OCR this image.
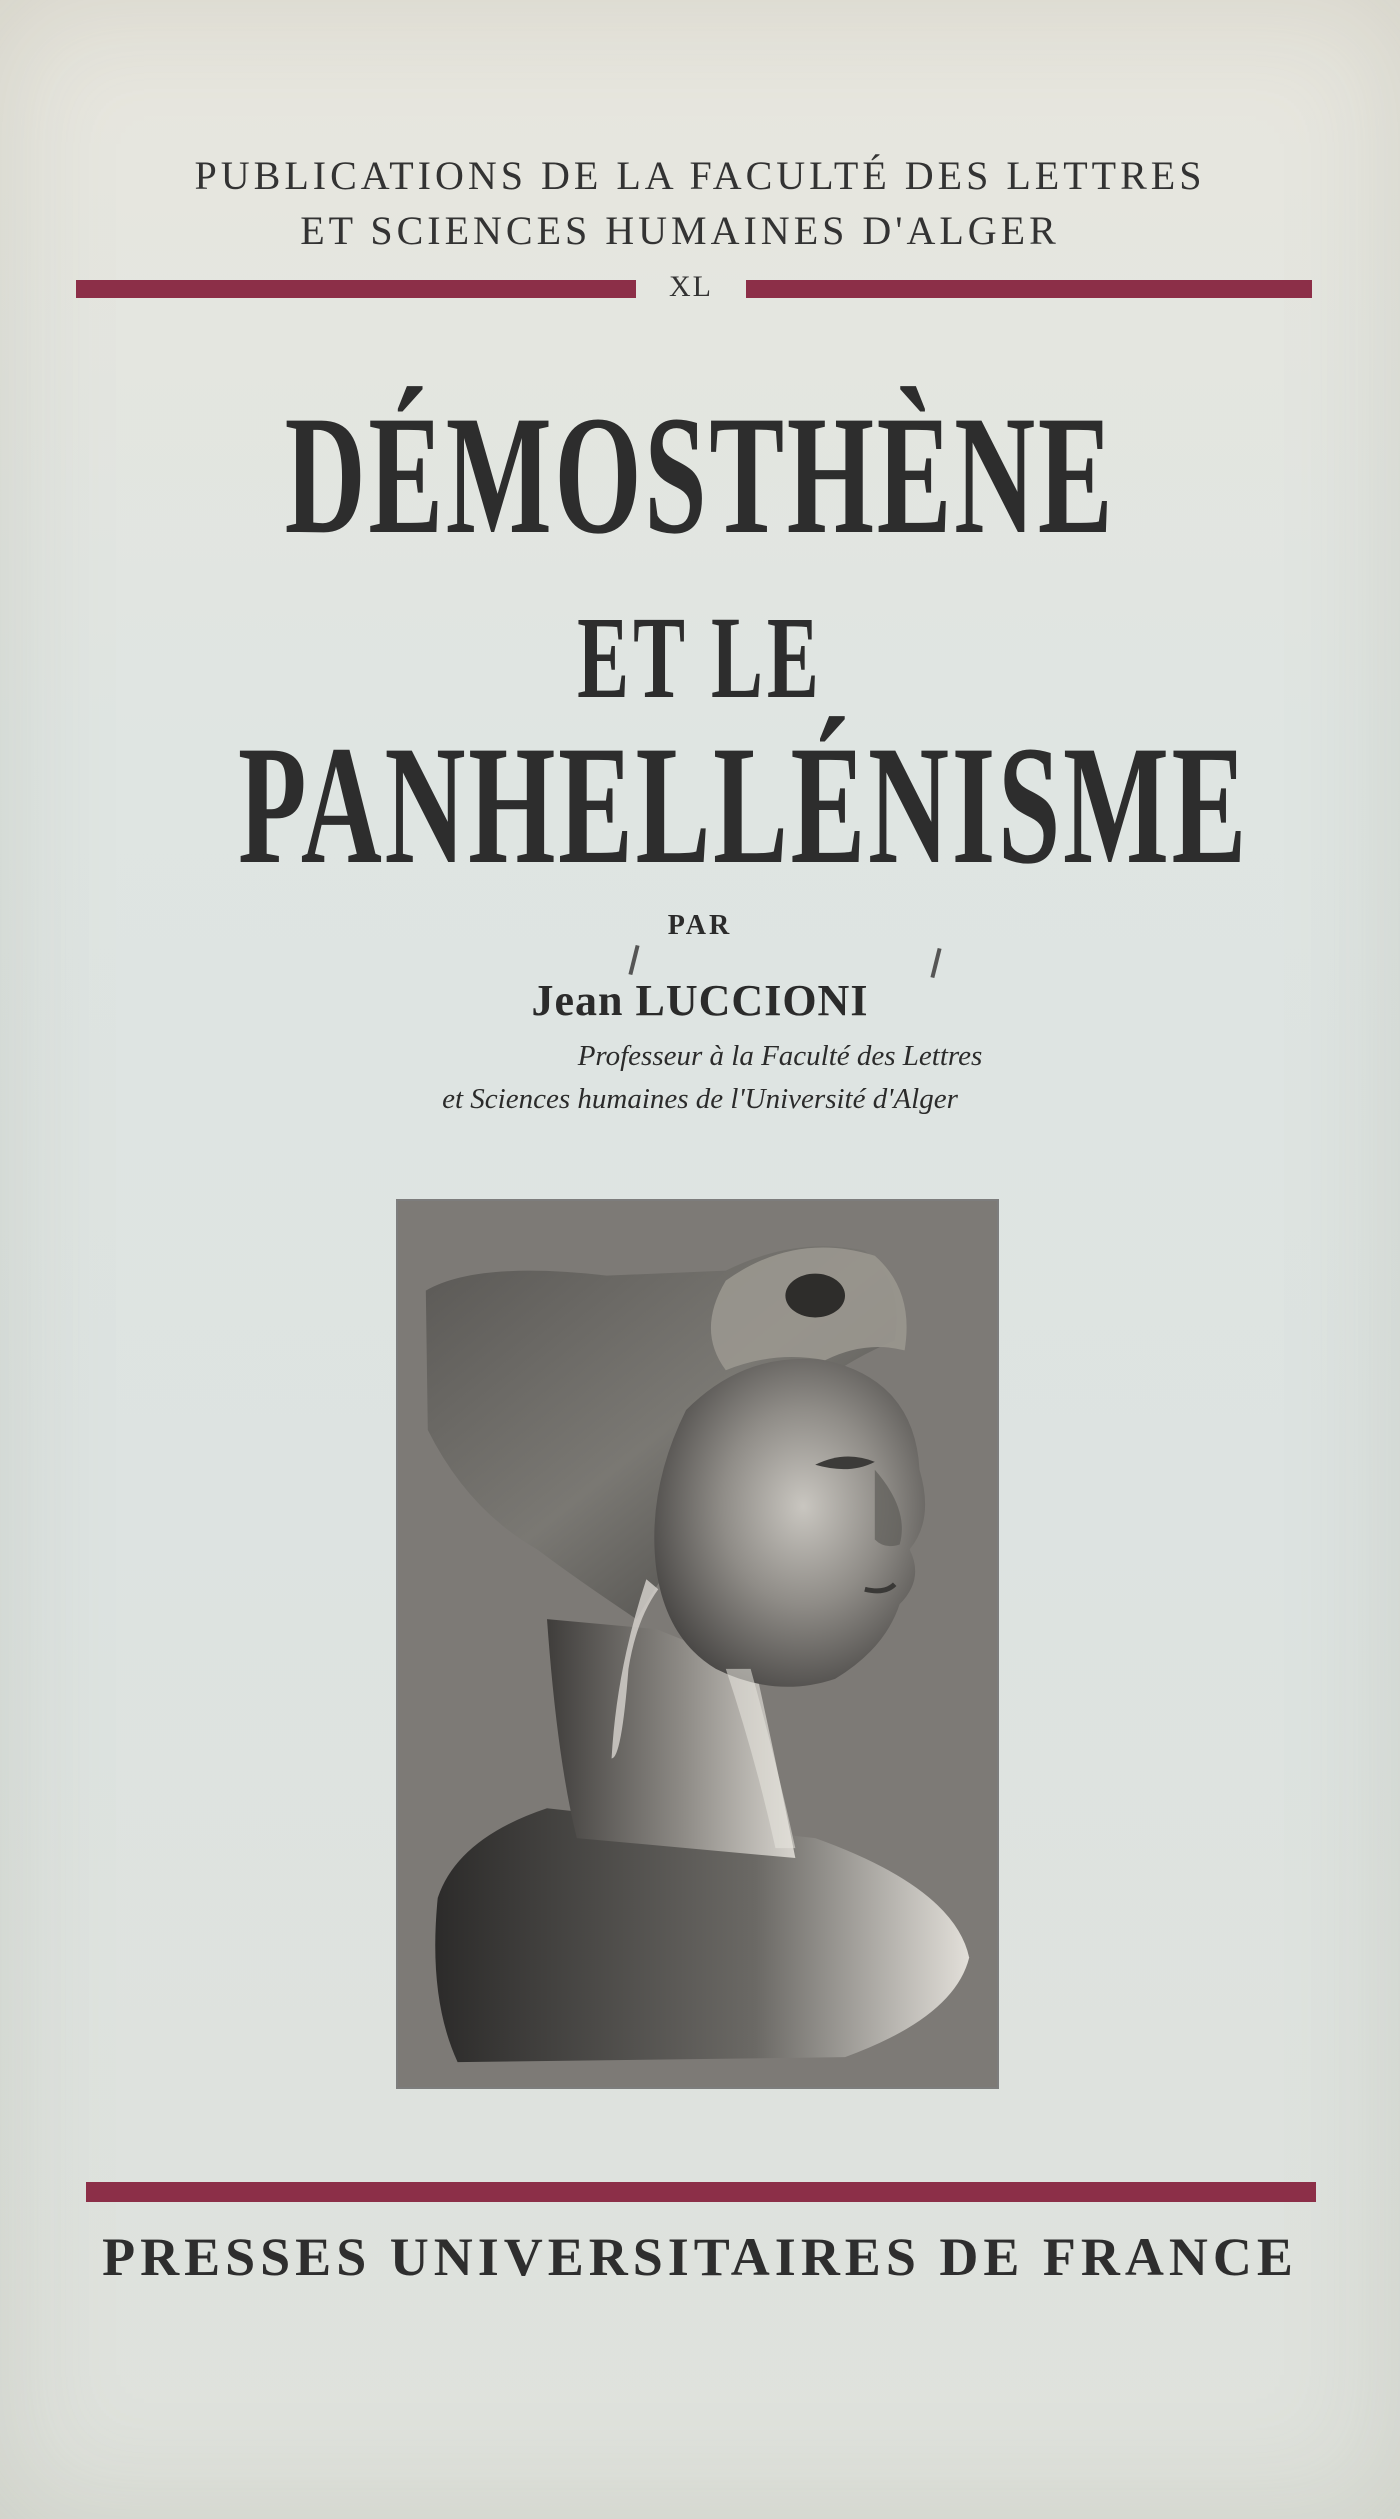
PUBLICATIONS DE LA FACULTÉ DES LETTRES
ET SCIENCES HUMAINES D'ALGER
XL
DÉMOSTHÈNE
ET LE
PANHELLÉNISME
PAR
Jean LUCCIONI
Professeur à la Faculté des Lettres
et Sciences humaines de l'Université d'Alger
PRESSES UNIVERSITAIRES DE FRANCE
